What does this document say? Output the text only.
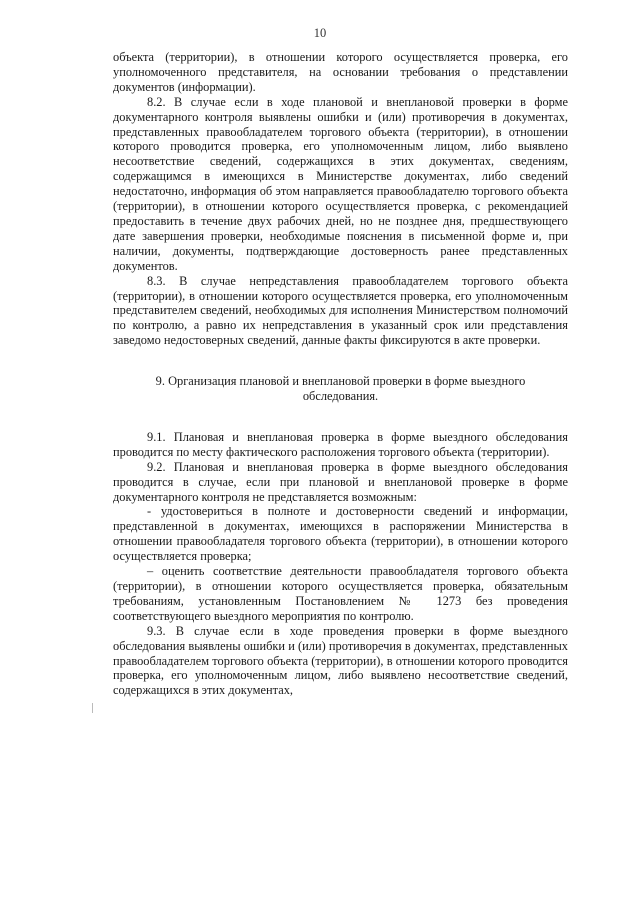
10

объекта (территории), в отношении которого осуществляется проверка, его уполномоченного представителя, на основании требования о представлении документов (информации).

8.2. В случае если в ходе плановой и внеплановой проверки в форме документарного контроля выявлены ошибки и (или) противоречия в документах, представленных правообладателем торгового объекта (территории), в отношении которого проводится проверка, его уполномоченным лицом, либо выявлено несоответствие сведений, содержащихся в этих документах, сведениям, содержащимся в имеющихся в Министерстве документах, либо сведений недостаточно, информация об этом направляется правообладателю торгового объекта (территории), в отношении которого осуществляется проверка, с рекомендацией предоставить в течение двух рабочих дней, но не позднее дня, предшествующего дате завершения проверки, необходимые пояснения в письменной форме и, при наличии, документы, подтверждающие достоверность ранее представленных документов.

8.3. В случае непредставления правообладателем торгового объекта (территории), в отношении которого осуществляется проверка, его уполномоченным представителем сведений, необходимых для исполнения Министерством полномочий по контролю, а равно их непредставления в указанный срок или представления заведомо недостоверных сведений, данные факты фиксируются в акте проверки.

9. Организация плановой и внеплановой проверки в форме выездного
обследования.

9.1. Плановая и внеплановая проверка в форме выездного обследования проводится по месту фактического расположения торгового объекта (территории).

9.2. Плановая и внеплановая проверка в форме выездного обследования проводится в случае, если при плановой и внеплановой проверке в форме документарного контроля не представляется возможным:

- удостовериться в полноте и достоверности сведений и информации, представленной в документах, имеющихся в распоряжении Министерства в отношении правообладателя торгового объекта (территории), в отношении которого осуществляется проверка;

– оценить соответствие деятельности правообладателя торгового объекта (территории), в отношении которого осуществляется проверка, обязательным требованиям, установленным Постановлением № 1273 без проведения соответствующего выездного мероприятия по контролю.

9.3. В случае если в ходе проведения проверки в форме выездного обследования выявлены ошибки и (или) противоречия в документах, представленных правообладателем торгового объекта (территории), в отношении которого проводится проверка, его уполномоченным лицом, либо выявлено несоответствие сведений, содержащихся в этих документах,
